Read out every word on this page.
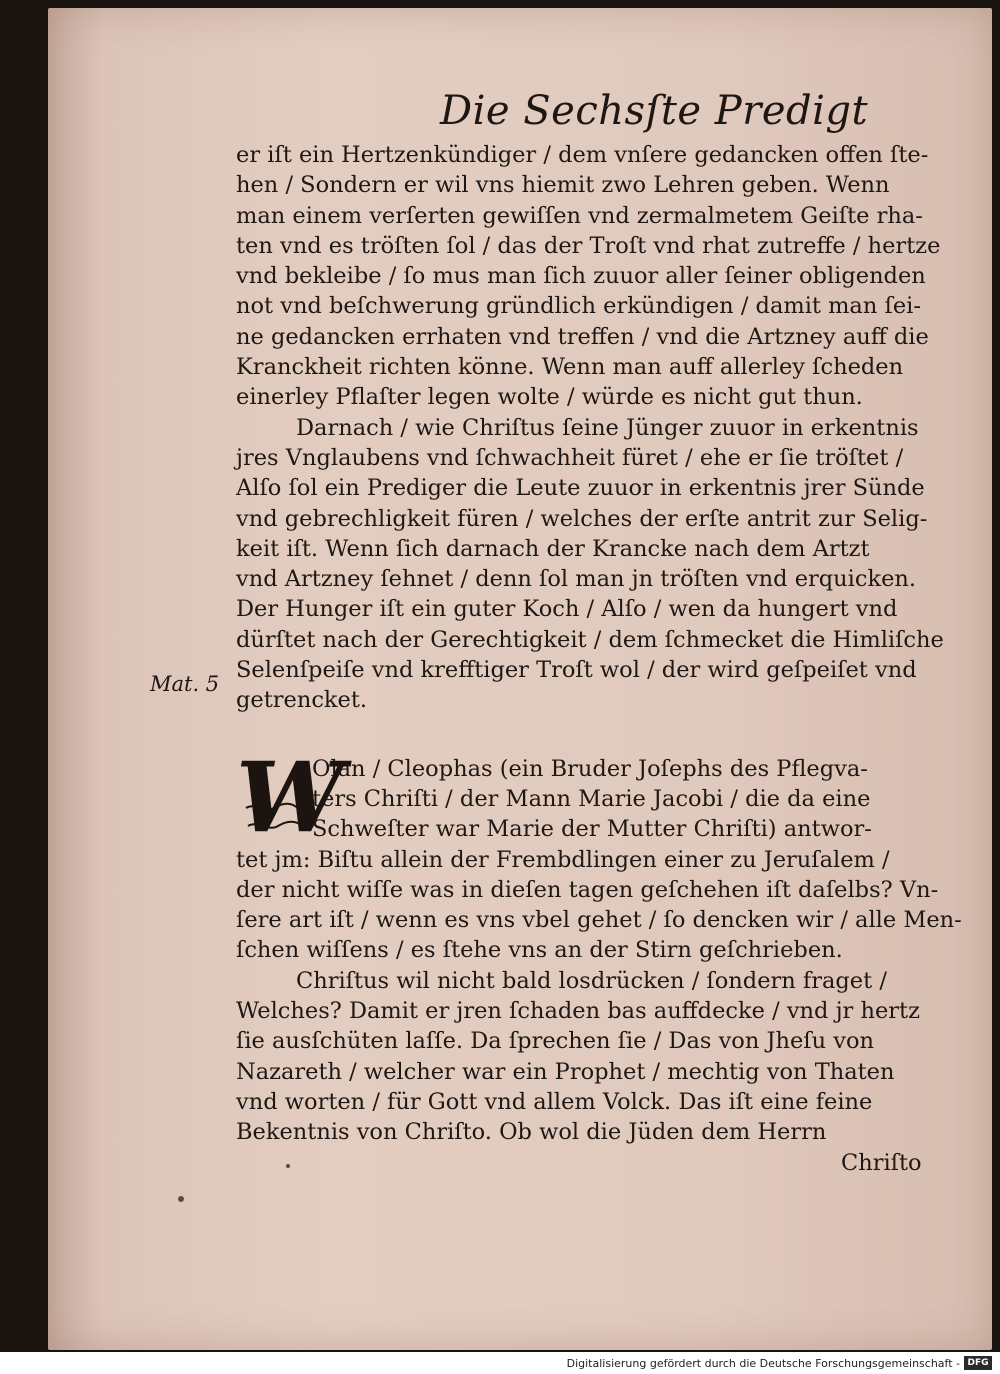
Die Sechsſte Predigt
Mat. 5
er iſt ein Hertzenkündiger / dem vnſere gedancken offen ſte-
hen / Sondern er wil vns hiemit zwo Lehren geben. Wenn
man einem verſerten gewiſſen vnd zermalmetem Geiſte rha-
ten vnd es tröſten ſol / das der Troſt vnd rhat zutreffe / hertze
vnd bekleibe / ſo mus man ſich zuuor aller ſeiner obligenden
not vnd beſchwerung gründlich erkündigen / damit man ſei-
ne gedancken errhaten vnd treffen / vnd die Artzney auff die
Kranckheit richten könne. Wenn man auff allerley ſcheden
einerley Pflaſter legen wolte / würde es nicht gut thun.
Darnach / wie Chriſtus ſeine Jünger zuuor in erkentnis
jres Vnglaubens vnd ſchwachheit füret / ehe er ſie tröſtet /
Alſo ſol ein Prediger die Leute zuuor in erkentnis jrer Sünde
vnd gebrechligkeit füren / welches der erſte antrit zur Selig-
keit iſt. Wenn ſich darnach der Krancke nach dem Artzt
vnd Artzney ſehnet / denn ſol man jn tröſten vnd erquicken.
Der Hunger iſt ein guter Koch / Alſo / wen da hungert vnd
dürſtet nach der Gerechtigkeit / dem ſchmecket die Himliſche
Selenſpeiſe vnd krefftiger Troſt wol / der wird geſpeiſet vnd
getrencket.
Olan / Cleophas (ein Bruder Joſephs des Pflegva-
ters Chriſti / der Mann Marie Jacobi / die da eine
Schweſter war Marie der Mutter Chriſti) antwor-
tet jm: Biſtu allein der Frembdlingen einer zu Jeruſalem /
der nicht wiſſe was in dieſen tagen geſchehen iſt daſelbs? Vn-
ſere art iſt / wenn es vns vbel gehet / ſo dencken wir / alle Men-
ſchen wiſſens / es ſtehe vns an der Stirn geſchrieben.
Chriſtus wil nicht bald losdrücken / ſondern fraget /
Welches? Damit er jren ſchaden bas auffdecke / vnd jr hertz
ſie ausſchüten laſſe. Da ſprechen ſie / Das von Jheſu von
Nazareth / welcher war ein Prophet / mechtig von Thaten
vnd worten / für Gott vnd allem Volck. Das iſt eine feine
Bekentnis von Chriſto. Ob wol die Jüden dem Herrn
Chriſto
W
Digitalisierung gefördert durch die Deutsche Forschungsgemeinschaft - DFG
